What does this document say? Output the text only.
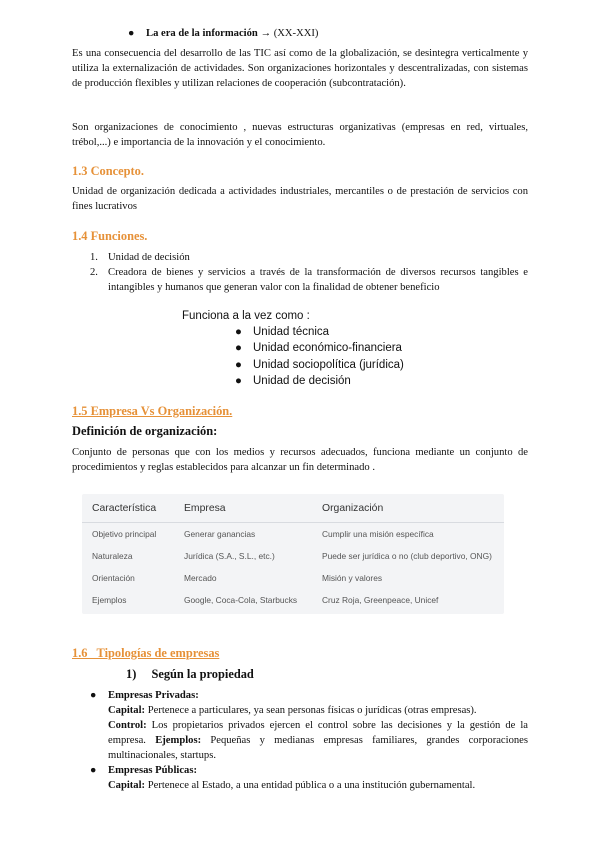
● La era de la información → (XX-XXI)

Es una consecuencia del desarrollo de las TIC así como de la globalización, se desintegra verticalmente y utiliza la externalización de actividades. Son organizaciones horizontales y descentralizadas, con sistemas de producción flexibles y utilizan relaciones de cooperación (subcontratación).

Son organizaciones de conocimiento , nuevas estructuras organizativas (empresas en red, virtuales, trébol,...) e importancia de la innovación y el conocimiento.

1.3 Concepto.

Unidad de organización dedicada a actividades industriales, mercantiles o de prestación de servicios con fines lucrativos

1.4 Funciones.
1. Unidad de decisión
2. Creadora de bienes y servicios a través de la transformación de diversos recursos tangibles e intangibles y humanos que generan valor con la finalidad de obtener beneficio
Funciona a la vez como :
● Unidad técnica
● Unidad económico-financiera
● Unidad sociopolítica (jurídica)
● Unidad de decisión
1.5 Empresa Vs Organización.
Definición de organización:

Conjunto de personas que con los medios y recursos adecuados, funciona mediante un conjunto de procedimientos y reglas establecidos para alcanzar un fin determinado .

Característica	Empresa	Organización
Objetivo principal	Generar ganancias	Cumplir una misión específica
Naturaleza	Jurídica (S.A., S.L., etc.)	Puede ser jurídica o no (club deportivo, ONG)
Orientación	Mercado	Misión y valores
Ejemplos	Google, Coca-Cola, Starbucks	Cruz Roja, Greenpeace, Unicef
1.6   Tipologías de empresas
1) Según la propiedad
● Empresas Privadas:

Capital: Pertenece a particulares, ya sean personas físicas o jurídicas (otras empresas).

Control: Los propietarios privados ejercen el control sobre las decisiones y la gestión de la empresa. Ejemplos: Pequeñas y medianas empresas familiares, grandes corporaciones multinacionales, startups.

● Empresas Públicas:

Capital: Pertenece al Estado, a una entidad pública o a una institución gubernamental.
